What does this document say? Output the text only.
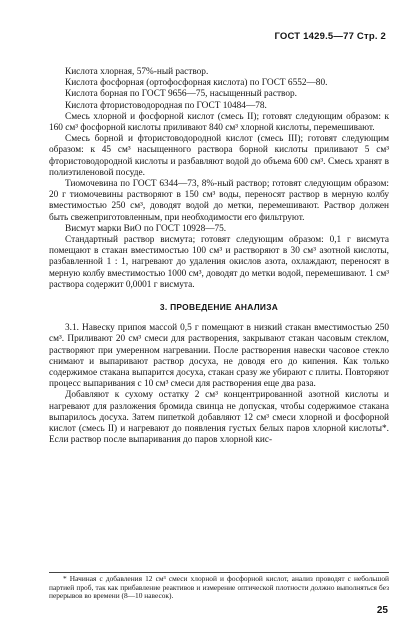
ГОСТ 1429.5—77 Стр. 2

Кислота хлорная, 57%-ный раствор.

Кислота фосфорная (ортофосфорная кислота) по ГОСТ 6552—80.

Кислота борная по ГОСТ 9656—75, насыщенный раствор.

Кислота фтористоводородная по ГОСТ 10484—78.

Смесь хлорной и фосфорной кислот (смесь II); готовят следующим образом: к 160 см³ фосфорной кислоты приливают 840 см³ хлорной кислоты, перемешивают.

Смесь борной и фтористоводородной кислот (смесь III); готовят следующим образом: к 45 см³ насыщенного раствора борной кислоты приливают 5 см³ фтористоводородной кислоты и разбавляют водой до объема 600 см³. Смесь хранят в полиэтиленовой посуде.

Тиомочевина по ГОСТ 6344—73, 8%-ный раствор; готовят следующим образом: 20 г тиомочевины растворяют в 150 см³ воды, переносят раствор в мерную колбу вместимостью 250 см³, доводят водой до метки, перемешивают. Раствор должен быть свежеприготовленным, при необходимости его фильтруют.

Висмут марки ВиО по ГОСТ 10928—75.

Стандартный раствор висмута; готовят следующим образом: 0,1 г висмута помещают в стакан вместимостью 100 см³ и растворяют в 30 см³ азотной кислоты, разбавленной 1 : 1, нагревают до удаления окислов азота, охлаждают, переносят в мерную колбу вместимостью 1000 см³, доводят до метки водой, перемешивают. 1 см³ раствора содержит 0,0001 г висмута.

3. ПРОВЕДЕНИЕ АНАЛИЗА

3.1. Навеску припоя массой 0,5 г помещают в низкий стакан вместимостью 250 см³. Приливают 20 см³ смеси для растворения, закрывают стакан часовым стеклом, растворяют при умеренном нагревании. После растворения навески часовое стекло снимают и выпаривают раствор досуха, не доводя его до кипения. Как только содержимое стакана выпарится досуха, стакан сразу же убирают с плиты. Повторяют процесс выпаривания с 10 см³ смеси для растворения еще два раза.

Добавляют к сухому остатку 2 см³ концентрированной азотной кислоты и нагревают для разложения бромида свинца не допуская, чтобы содержимое стакана выпарилось досуха. Затем пипеткой добавляют 12 см³ смеси хлорной и фосфорной кислот (смесь II) и нагревают до появления густых белых паров хлорной кислоты*. Если раствор после выпаривания до паров хлорной кис-

* Начиная с добавления 12 см³ смеси хлорной и фосфорной кислот, анализ проводят с небольшой партией проб, так как прибавление реактивов и измерение оптической плотности должно выполняться без перерывов во времени (8—10 навесок).
25
